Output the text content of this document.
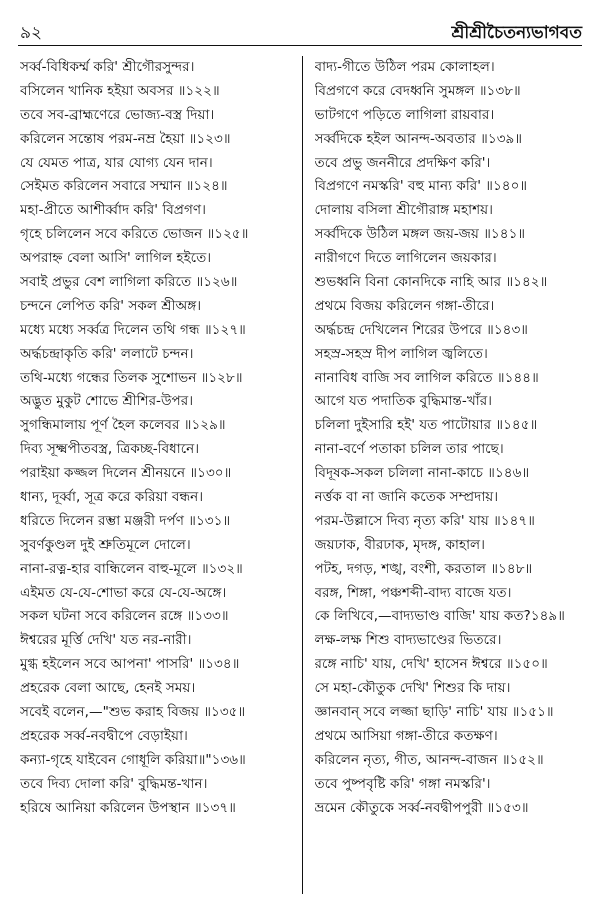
৯২	শ্রীশ্রীচৈতন্যভাগবত
সর্ব্ব-বিধিকর্ম্ম করি' শ্রীগৌরসুন্দর।
বসিলেন খানিক হইয়া অবসর ॥১২২॥
তবে সব-ব্রাহ্মণেরে ভোজ্য-বস্ত্র দিয়া।
করিলেন সন্তোষ পরম-নম্র হৈয়া ॥১২৩॥
যে যেমত পাত্র, যার যোগ্য যেন দান।
সেইমত করিলেন সবারে সম্মান ॥১২৪॥
মহা-প্রীতে আশীর্ব্বাদ করি' বিপ্রগণ।
গৃহে চলিলেন সবে করিতে ভোজন ॥১২৫॥
অপরাহ্ন বেলা আসি' লাগিল হইতে।
সবাই প্রভুর বেশ লাগিলা করিতে ॥১২৬॥
চন্দনে লেপিত করি' সকল শ্রীঅঙ্গ।
মধ্যে মধ্যে সর্ব্বত্র দিলেন তথি গন্ধ ॥১২৭॥
অর্দ্ধচন্দ্রাকৃতি করি' ললাটে চন্দন।
তথি-মধ্যে গন্ধের তিলক সুশোভন ॥১২৮॥
অদ্ভুত মুকুট শোভে শ্রীশির-উপর।
সুগন্ধিমালায় পূর্ণ হৈল কলেবর ॥১২৯॥
দিব্য সূক্ষ্মপীতবস্ত্র, ত্রিকচ্ছ-বিধানে।
পরাইয়া কজ্জল দিলেন শ্রীনয়নে ॥১৩০॥
ধান্য, দূর্ব্বা, সূত্র করে করিয়া বন্ধন।
ধরিতে দিলেন রম্ভা মঞ্জরী দর্পণ ॥১৩১॥
সুবর্ণকুণ্ডল দুই শ্রুতিমূলে দোলে।
নানা-রত্ন-হার বান্ধিলেন বাহু-মূলে ॥১৩২॥
এইমত যে-যে-শোভা করে যে-যে-অঙ্গে।
সকল ঘটনা সবে করিলেন রঙ্গে ॥১৩৩॥
ঈশ্বরের মূর্ত্তি দেখি' যত নর-নারী।
মুগ্ধ হইলেন সবে আপনা' পাসরি' ॥১৩৪॥
প্রহরেক বেলা আছে, হেনই সময়।
সবেই বলেন,—"শুভ করাহ বিজয় ॥১৩৫॥
প্রহরেক সর্ব্ব-নবদ্বীপে বেড়াইয়া।
কন্যা-গৃহে যাইবেন গোধূলি করিয়া॥"১৩৬॥
তবে দিব্য দোলা করি' বুদ্ধিমন্ত-খান।
হরিষে আনিয়া করিলেন উপস্থান ॥১৩৭॥
বাদ্য-গীতে উঠিল পরম কোলাহল।
বিপ্রগণে করে বেদধ্বনি সুমঙ্গল ॥১৩৮॥
ভাটগণে পড়িতে লাগিলা রায়বার।
সর্ব্বদিকে হইল আনন্দ-অবতার ॥১৩৯॥
তবে প্রভু জননীরে প্রদক্ষিণ করি'।
বিপ্রগণে নমস্করি' বহু মান্য করি' ॥১৪০॥
দোলায় বসিলা শ্রীগৌরাঙ্গ মহাশয়।
সর্ব্বদিকে উঠিল মঙ্গল জয়-জয় ॥১৪১॥
নারীগণে দিতে লাগিলেন জয়কার।
শুভধ্বনি বিনা কোনদিকে নাহি আর ॥১৪২॥
প্রথমে বিজয় করিলেন গঙ্গা-তীরে।
অর্দ্ধচন্দ্র দেখিলেন শিরের উপরে ॥১৪৩॥
সহস্র-সহস্র দীপ লাগিল জ্বলিতে।
নানাবিধ বাজি সব লাগিল করিতে ॥১৪৪॥
আগে যত পদাতিক বুদ্ধিমান্ত-খাঁর।
চলিলা দুইসারি হই' যত পাটোয়ার ॥১৪৫॥
নানা-বর্ণে পতাকা চলিল তার পাছে।
বিদূষক-সকল চলিলা নানা-কাচে ॥১৪৬॥
নর্ত্তক বা না জানি কতেক সম্প্রদায়।
পরম-উল্লাসে দিব্য নৃত্য করি' যায় ॥১৪৭॥
জয়ঢাক, বীরঢাক, মৃদঙ্গ, কাহাল।
পটহ, দগড়, শঙ্খ, বংশী, করতাল ॥১৪৮॥
বরঙ্গ, শিঙ্গা, পঞ্চশব্দী-বাদ্য বাজে যত।
কে লিখিবে,—বাদ্যভাণ্ড বাজি' যায় কত?১৪৯॥
লক্ষ-লক্ষ শিশু বাদ্যভাণ্ডের ভিতরে।
রঙ্গে নাচি' যায়, দেখি' হাসেন ঈশ্বরে ॥১৫০॥
সে মহা-কৌতুক দেখি' শিশুর কি দায়।
জ্ঞানবান্ সবে লজ্জা ছাড়ি' নাচি' যায় ॥১৫১॥
প্রথমে আসিয়া গঙ্গা-তীরে কতক্ষণ।
করিলেন নৃত্য, গীত, আনন্দ-বাজন ॥১৫২॥
তবে পুষ্পবৃষ্টি করি' গঙ্গা নমস্করি'।
ভ্রমেন কৌতুকে সর্ব্ব-নবদ্বীপপুরী ॥১৫৩॥
